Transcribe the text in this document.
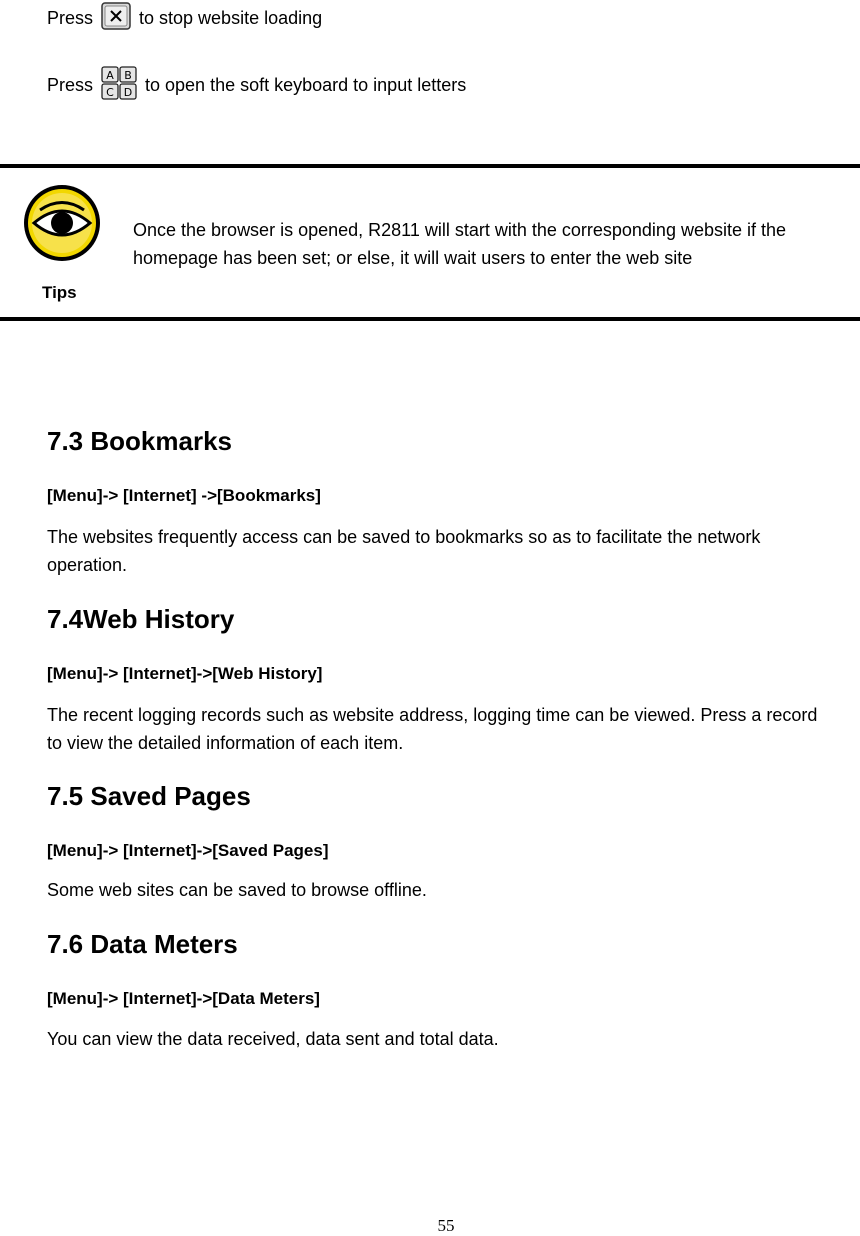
Press	to stop website loading
Press A B
C D to open the soft keyboard to input letters
Tips
Once the browser is opened, R2811 will start with the corresponding website if the homepage has been set; or else, it will wait users to enter the web site
7.3 Bookmarks
[Menu]-> [Internet] ->[Bookmarks]
The websites frequently access can be saved to bookmarks so as to facilitate the network operation.
7.4Web History
[Menu]-> [Internet]->[Web History]
The recent logging records such as website address, logging time can be viewed. Press a record to view the detailed information of each item.
7.5 Saved Pages
[Menu]-> [Internet]->[Saved Pages]
Some web sites can be saved to browse offline.
7.6 Data Meters
[Menu]-> [Internet]->[Data Meters]
You can view the data received, data sent and total data.
55
